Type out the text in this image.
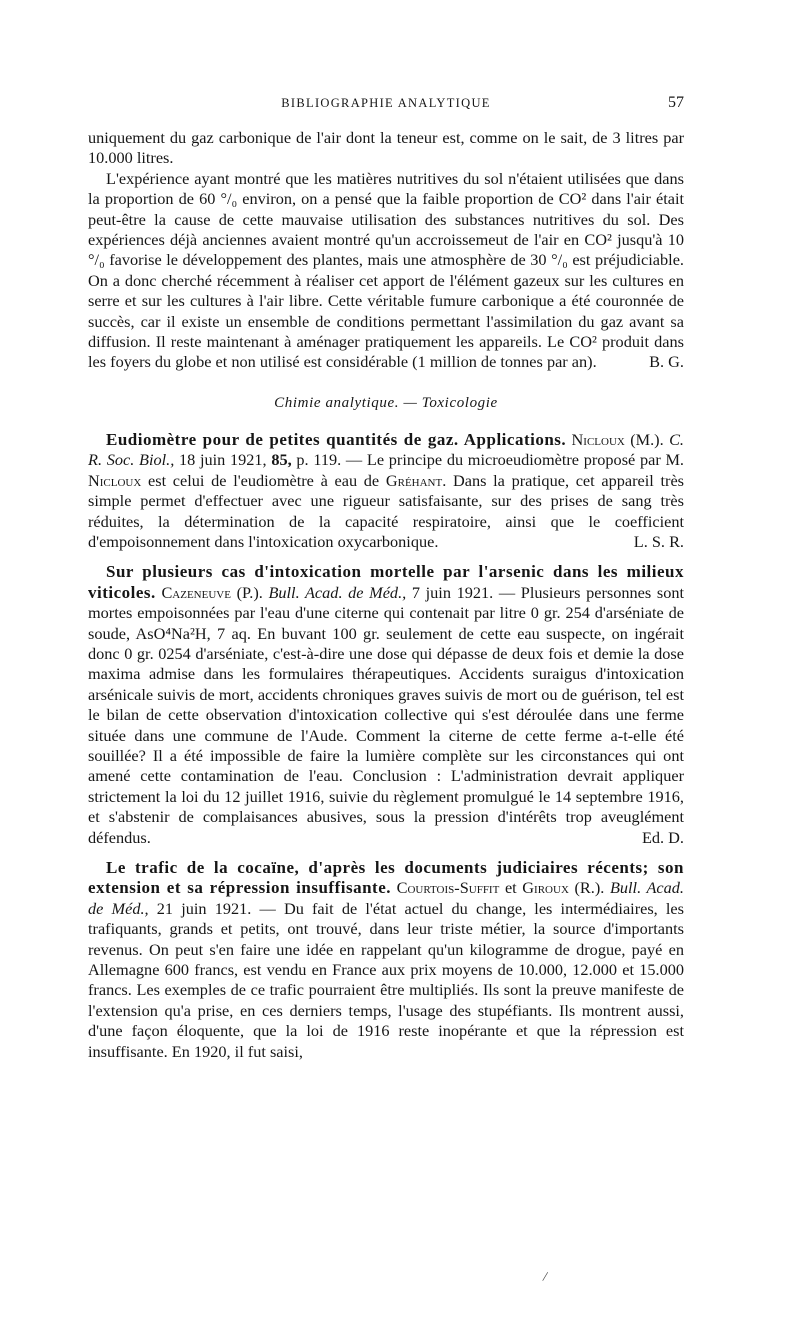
BIBLIOGRAPHIE ANALYTIQUE	57

uniquement du gaz carbonique de l'air dont la teneur est, comme on le sait, de 3 litres par 10.000 litres.

L'expérience ayant montré que les matières nutritives du sol n'étaient utilisées que dans la proportion de 60 °/₀ environ, on a pensé que la faible proportion de CO² dans l'air était peut-être la cause de cette mauvaise utilisation des substances nutritives du sol. Des expériences déjà anciennes avaient montré qu'un accroissemeut de l'air en CO² jusqu'à 10 °/₀ favorise le développement des plantes, mais une atmosphère de 30 °/₀ est préjudiciable. On a donc cherché récemment à réaliser cet apport de l'élément gazeux sur les cultures en serre et sur les cultures à l'air libre. Cette véritable fumure carbonique a été couronnée de succès, car il existe un ensemble de conditions permettant l'assimilation du gaz avant sa diffusion. Il reste maintenant à aménager pratiquement les appareils. Le CO² produit dans les foyers du globe et non utilisé est considérable (1 million de tonnes par an).	B. G.

Chimie analytique. — Toxicologie

Eudiomètre pour de petites quantités de gaz. Applications. Nicloux (M.). C. R. Soc. Biol., 18 juin 1921, 85, p. 119. — Le principe du microeudiomètre proposé par M. Nicloux est celui de l'eudiomètre à eau de Gréhant. Dans la pratique, cet appareil très simple permet d'effectuer avec une rigueur satisfaisante, sur des prises de sang très réduites, la détermination de la capacité respiratoire, ainsi que le coefficient d'empoisonnement dans l'intoxication oxycarbonique.	L. S. R.

Sur plusieurs cas d'intoxication mortelle par l'arsenic dans les milieux viticoles. Cazeneuve (P.). Bull. Acad. de Méd., 7 juin 1921. — Plusieurs personnes sont mortes empoisonnées par l'eau d'une citerne qui contenait par litre 0 gr. 254 d'arséniate de soude, AsO⁴Na²H, 7 aq. En buvant 100 gr. seulement de cette eau suspecte, on ingérait donc 0 gr. 0254 d'arséniate, c'est-à-dire une dose qui dépasse de deux fois et demie la dose maxima admise dans les formulaires thérapeutiques. Accidents suraigus d'intoxication arsénicale suivis de mort, accidents chroniques graves suivis de mort ou de guérison, tel est le bilan de cette observation d'intoxication collective qui s'est déroulée dans une ferme située dans une commune de l'Aude. Comment la citerne de cette ferme a-t-elle été souillée? Il a été impossible de faire la lumière complète sur les circonstances qui ont amené cette contamination de l'eau. Conclusion : L'administration devrait appliquer strictement la loi du 12 juillet 1916, suivie du règlement promulgué le 14 septembre 1916, et s'abstenir de complaisances abusives, sous la pression d'intérêts trop aveuglément défendus.	Ed. D.

Le trafic de la cocaïne, d'après les documents judiciaires récents; son extension et sa répression insuffisante. Courtois-Suffit et Giroux (R.). Bull. Acad. de Méd., 21 juin 1921. — Du fait de l'état actuel du change, les intermédiaires, les trafiquants, grands et petits, ont trouvé, dans leur triste métier, la source d'importants revenus. On peut s'en faire une idée en rappelant qu'un kilogramme de drogue, payé en Allemagne 600 francs, est vendu en France aux prix moyens de 10.000, 12.000 et 15.000 francs. Les exemples de ce trafic pourraient être multipliés. Ils sont la preuve manifeste de l'extension qu'a prise, en ces derniers temps, l'usage des stupéfiants. Ils montrent aussi, d'une façon éloquente, que la loi de 1916 reste inopérante et que la répression est insuffisante. En 1920, il fut saisi,

/
